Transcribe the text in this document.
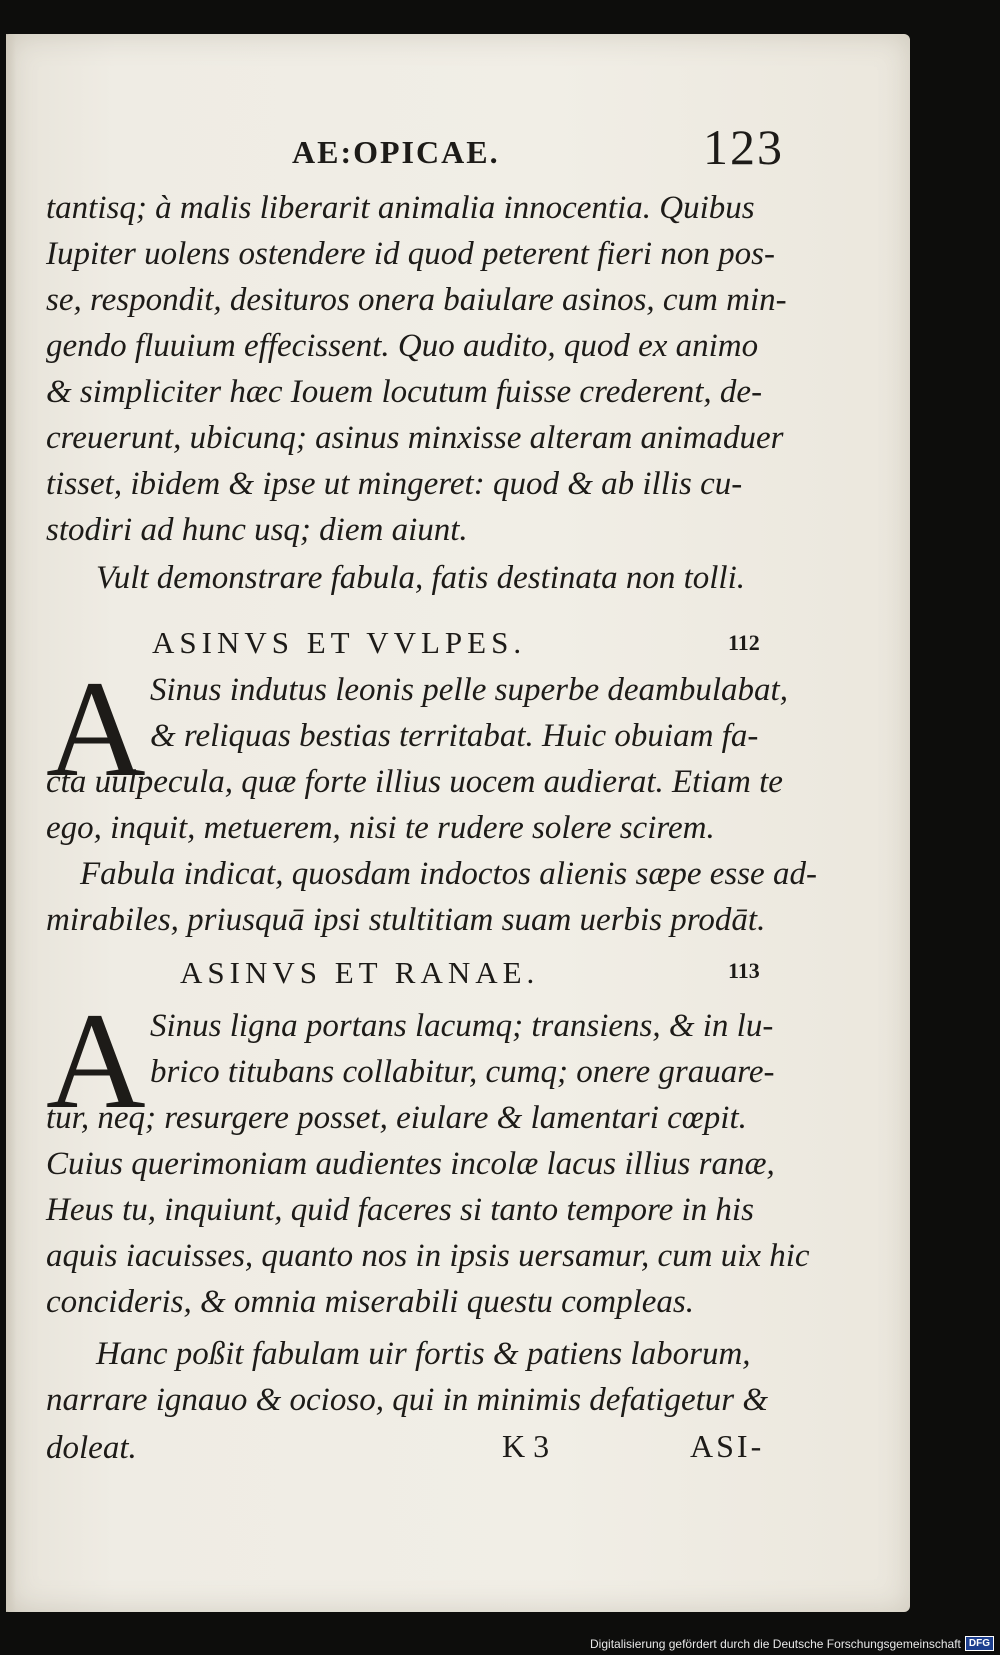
AE:OPICAE.	123
tantisq; à malis liberarit animalia innocentia. Quibus
Iupiter uolens ostendere id quod peterent fieri non pos-
se, respondit, desituros onera baiulare asinos, cum min-
gendo fluuium effecissent. Quo audito, quod ex animo
& simpliciter hæc Iouem locutum fuisse crederent, de-
creuerunt, ubicunq; asinus minxisse alteram animaduer
tisset, ibidem & ipse ut mingeret: quod & ab illis cu-
stodiri ad hunc usq; diem aiunt.
Vult demonstrare fabula, fatis destinata non tolli.
ASINVS ET VVLPES.	112
A Sinus indutus leonis pelle superbe deambulabat,
& reliquas bestias territabat. Huic obuiam fa-
cta uulpecula, quæ forte illius uocem audierat. Etiam te
ego, inquit, metuerem, nisi te rudere solere scirem.
Fabula indicat, quosdam indoctos alienis sæpe esse ad-
mirabiles, priusquā ipsi stultitiam suam uerbis prodāt.
ASINVS ET RANAE.	113
A Sinus ligna portans lacumq; transiens, & in lu-
brico titubans collabitur, cumq; onere grauare-
tur, neq; resurgere posset, eiulare & lamentari cœpit.
Cuius querimoniam audientes incolæ lacus illius ranæ,
Heus tu, inquiunt, quid faceres si tanto tempore in his
aquis iacuisses, quanto nos in ipsis uersamur, cum uix hic
concideris, & omnia miserabili questu compleas.
Hanc poßit fabulam uir fortis & patiens laborum,
narrare ignauo & ocioso, qui in minimis defatigetur &
doleat.	K 3	ASI-
Digitalisierung gefördert durch die Deutsche Forschungsgemeinschaft DFG
